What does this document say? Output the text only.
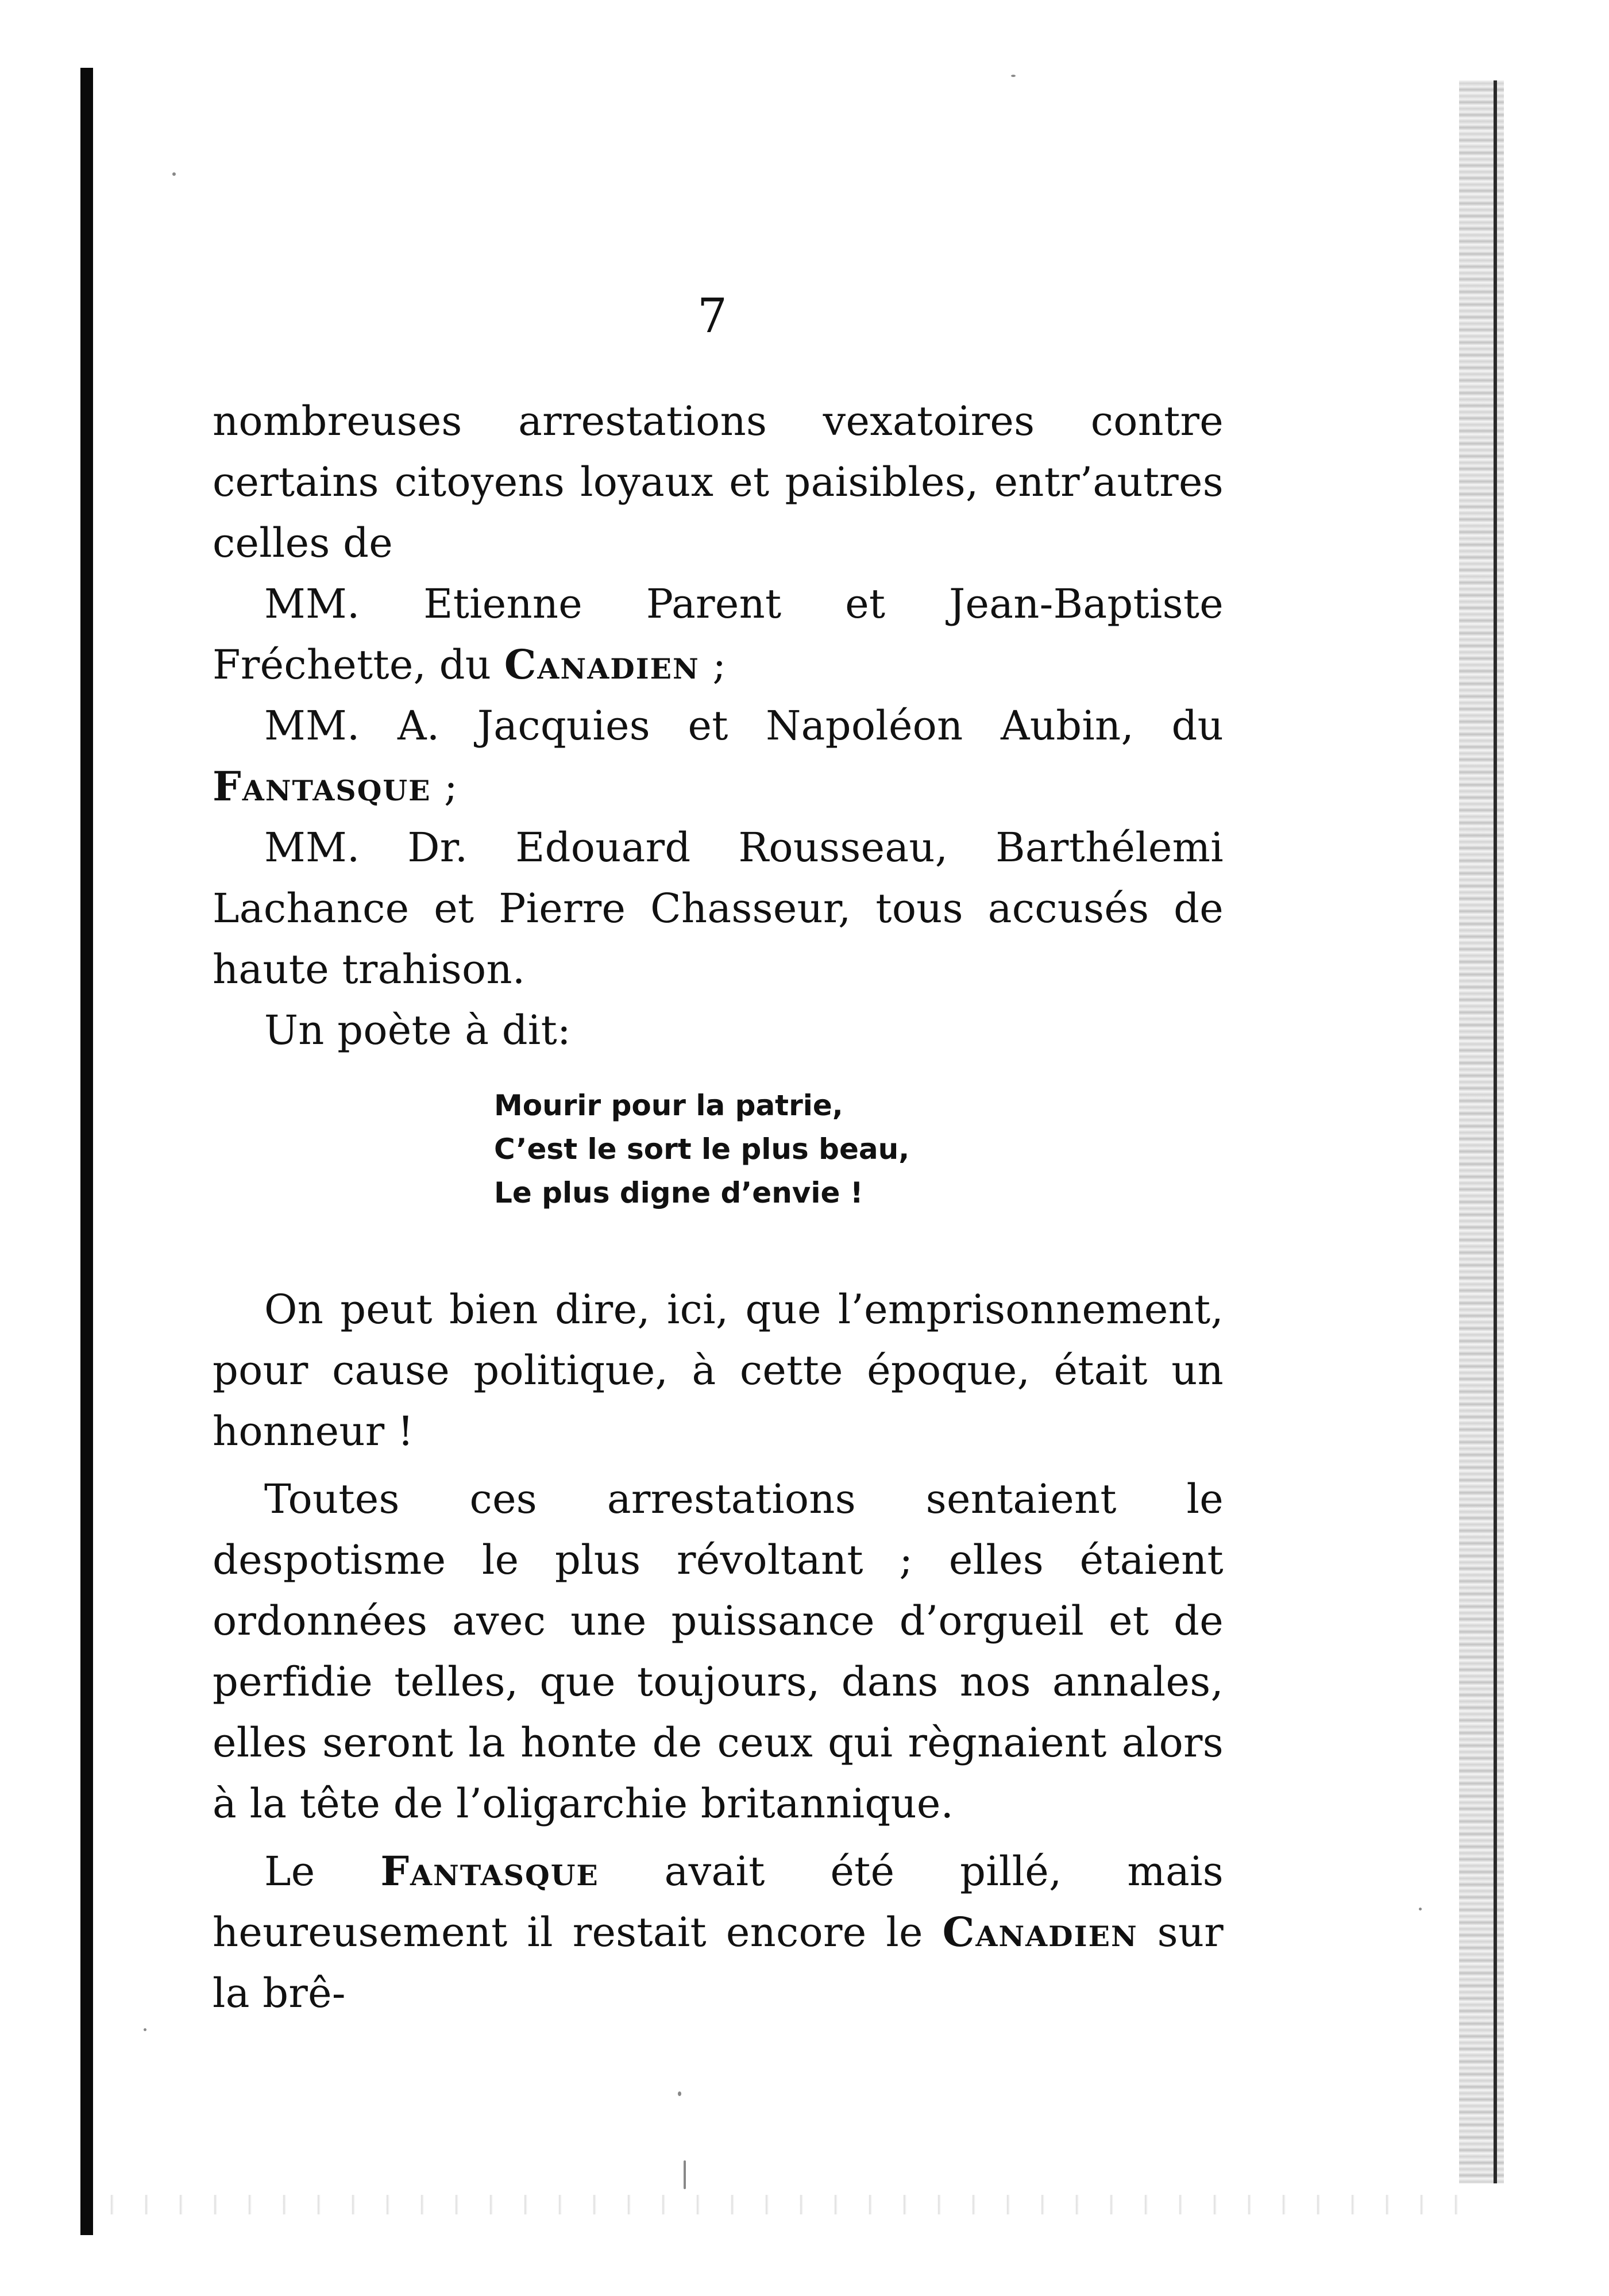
7

nombreuses arrestations vexatoires contre certains citoyens loyaux et paisibles, entr’autres celles de

MM. Etienne Parent et Jean-Baptiste Fréchette, du Canadien ;

MM. A. Jacquies et Napoléon Aubin, du Fantasque ;

MM. Dr. Edouard Rousseau, Barthélemi Lachance et Pierre Chasseur, tous accusés de haute trahison.

Un poète à dit:

Mourir pour la patrie,
C’est le sort le plus beau,
Le plus digne d’envie !

On peut bien dire, ici, que l’emprisonnement, pour cause politique, à cette époque, était un honneur !

Toutes ces arrestations sentaient le despotisme le plus révoltant ; elles étaient ordonnées avec une puissance d’orgueil et de perfidie telles, que toujours, dans nos annales, elles seront la honte de ceux qui règnaient alors à la tête de l’oligarchie britannique.

Le Fantasque avait été pillé, mais heureusement il restait encore le Canadien sur la brê-
